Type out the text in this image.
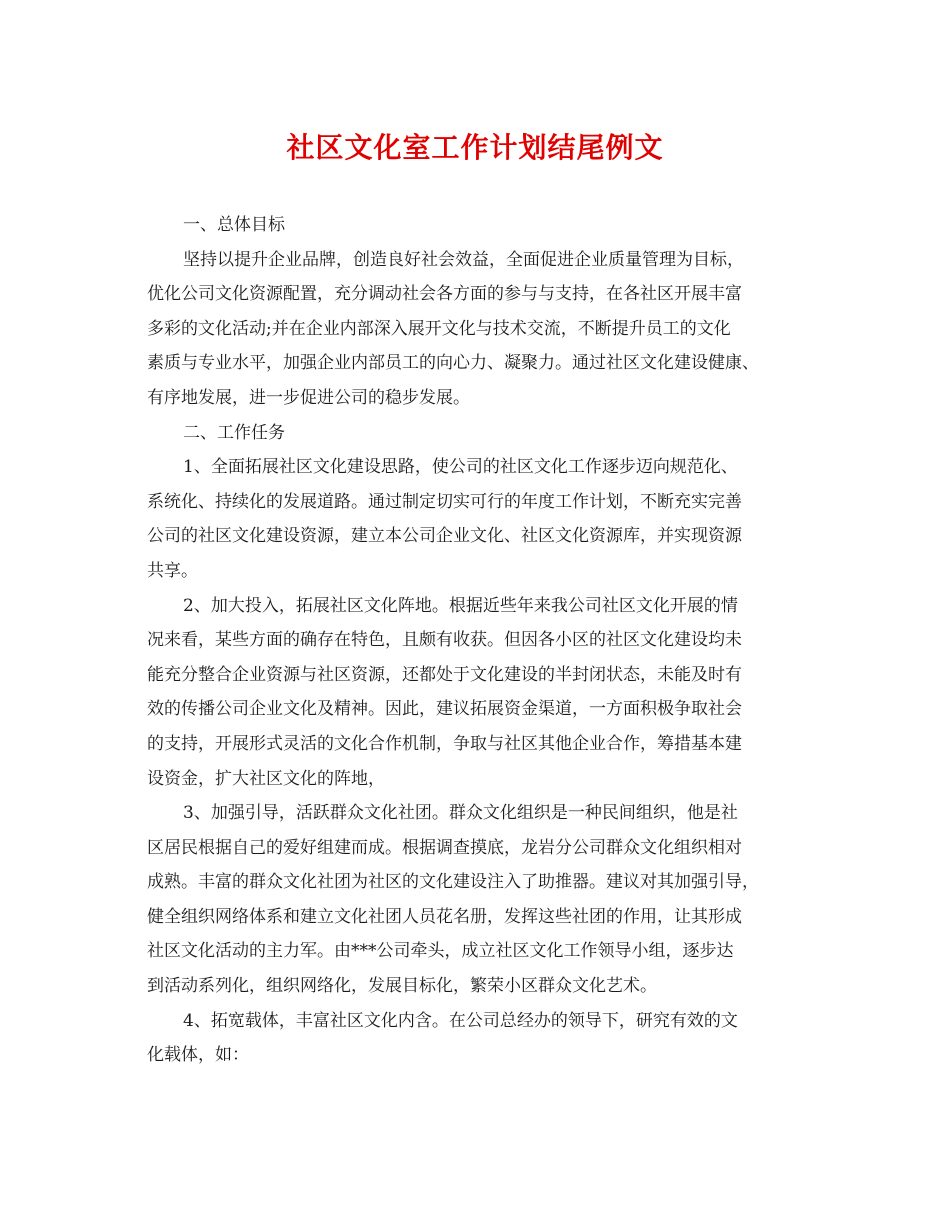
社区文化室工作计划结尾例文
一、总体目标
坚持以提升企业品牌，创造良好社会效益，全面促进企业质量管理为目标，
优化公司文化资源配置，充分调动社会各方面的参与与支持，在各社区开展丰富
多彩的文化活动;并在企业内部深入展开文化与技术交流，不断提升员工的文化
素质与专业水平，加强企业内部员工的向心力、凝聚力。通过社区文化建设健康、
有序地发展，进一步促进公司的稳步发展。
二、工作任务
1、全面拓展社区文化建设思路，使公司的社区文化工作逐步迈向规范化、
系统化、持续化的发展道路。通过制定切实可行的年度工作计划，不断充实完善
公司的社区文化建设资源，建立本公司企业文化、社区文化资源库，并实现资源
共享。
2、加大投入，拓展社区文化阵地。根据近些年来我公司社区文化开展的情
况来看，某些方面的确存在特色，且颇有收获。但因各小区的社区文化建设均未
能充分整合企业资源与社区资源，还都处于文化建设的半封闭状态，未能及时有
效的传播公司企业文化及精神。因此，建议拓展资金渠道，一方面积极争取社会
的支持，开展形式灵活的文化合作机制，争取与社区其他企业合作，筹措基本建
设资金，扩大社区文化的阵地，
3、加强引导，活跃群众文化社团。群众文化组织是一种民间组织，他是社
区居民根据自己的爱好组建而成。根据调查摸底，龙岩分公司群众文化组织相对
成熟。丰富的群众文化社团为社区的文化建设注入了助推器。建议对其加强引导，
健全组织网络体系和建立文化社团人员花名册，发挥这些社团的作用，让其形成
社区文化活动的主力军。由***公司牵头，成立社区文化工作领导小组，逐步达
到活动系列化，组织网络化，发展目标化，繁荣小区群众文化艺术。
4、拓宽载体，丰富社区文化内含。在公司总经办的领导下，研究有效的文
化载体，如：
